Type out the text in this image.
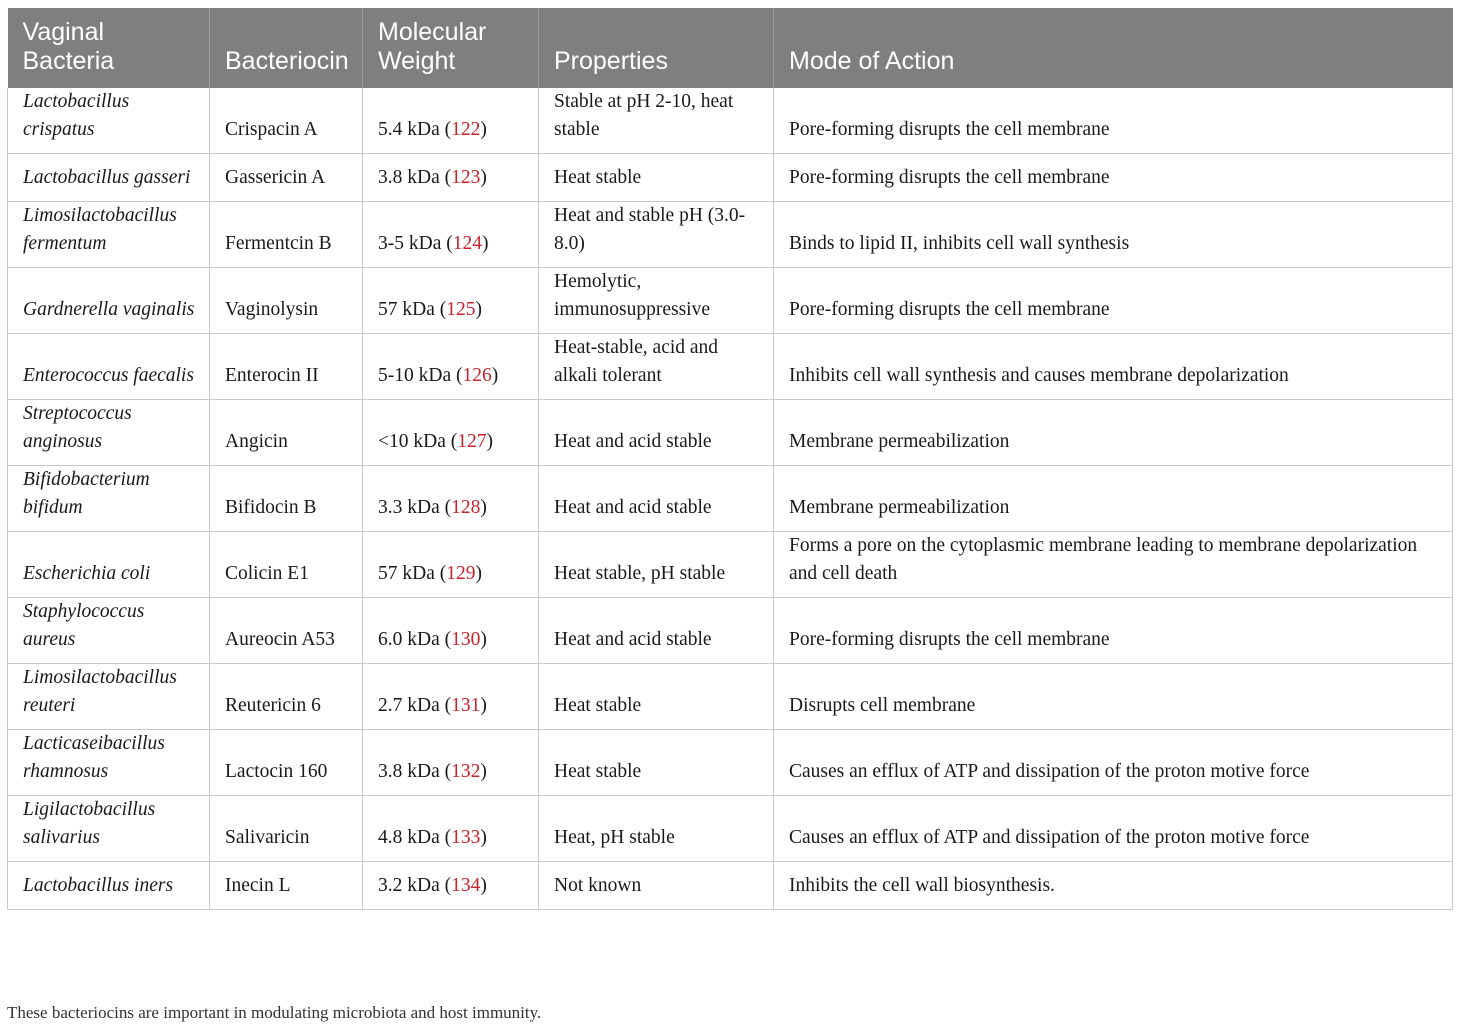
Vaginal Bacteria	Bacteriocin	Molecular Weight	Properties	Mode of Action
Lactobacillus crispatus	Crispacin A	5.4 kDa (122)	Stable at pH 2-10, heat stable	Pore-forming disrupts the cell membrane
Lactobacillus gasseri	Gassericin A	3.8 kDa (123)	Heat stable	Pore-forming disrupts the cell membrane
Limosilactobacillus fermentum	Fermentcin B	3-5 kDa (124)	Heat and stable pH (3.0-8.0)	Binds to lipid II, inhibits cell wall synthesis
Gardnerella vaginalis	Vaginolysin	57 kDa (125)	Hemolytic, immunosuppressive	Pore-forming disrupts the cell membrane
Enterococcus faecalis	Enterocin II	5-10 kDa (126)	Heat-stable, acid and alkali tolerant	Inhibits cell wall synthesis and causes membrane depolarization
Streptococcus anginosus	Angicin	<10 kDa (127)	Heat and acid stable	Membrane permeabilization
Bifidobacterium bifidum	Bifidocin B	3.3 kDa (128)	Heat and acid stable	Membrane permeabilization
Escherichia coli	Colicin E1	57 kDa (129)	Heat stable, pH stable	Forms a pore on the cytoplasmic membrane leading to membrane depolarization and cell death
Staphylococcus aureus	Aureocin A53	6.0 kDa (130)	Heat and acid stable	Pore-forming disrupts the cell membrane
Limosilactobacillus reuteri	Reutericin 6	2.7 kDa (131)	Heat stable	Disrupts cell membrane
Lacticaseibacillus rhamnosus	Lactocin 160	3.8 kDa (132)	Heat stable	Causes an efflux of ATP and dissipation of the proton motive force
Ligilactobacillus salivarius	Salivaricin	4.8 kDa (133)	Heat, pH stable	Causes an efflux of ATP and dissipation of the proton motive force
Lactobacillus iners	Inecin L	3.2 kDa (134)	Not known	Inhibits the cell wall biosynthesis.
These bacteriocins are important in modulating microbiota and host immunity.
